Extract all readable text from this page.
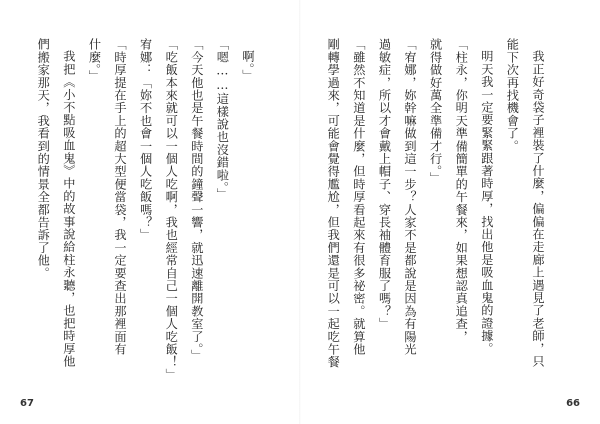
啊。」
「嗯……這樣說也沒錯啦。」
「今天他也是午餐時間的鐘聲一響，就迅速離開教室了。」
「吃飯本來就可以一個人吃啊，我也經常自己一個人吃飯！」
宥娜：「妳不也會一個人吃飯嗎？」
「時厚提在手上的超大型便當袋，我一定要查出那裡面有
什麼。」
我把《小不點吸血鬼》中的故事說給柱永聽，也把時厚他
們搬家那天，我看到的情景全都告訴了他。
67
我正好奇袋子裡裝了什麼，偏偏在走廊上遇見了老師，只
能下次再找機會了。
明天我一定要緊緊跟著時厚，找出他是吸血鬼的證據。
「柱永，你明天準備簡單的午餐來，如果想認真追查，
就得做好萬全準備才行。」
「宥娜，妳幹嘛做到這一步？人家不是都說是因為有陽光
過敏症，所以才會戴上帽子、穿長袖體育服了嗎？」
「雖然不知道是什麼，但時厚看起來有很多祕密。就算他
剛轉學過來，可能會覺得尷尬，但我們還是可以一起吃午餐
66
